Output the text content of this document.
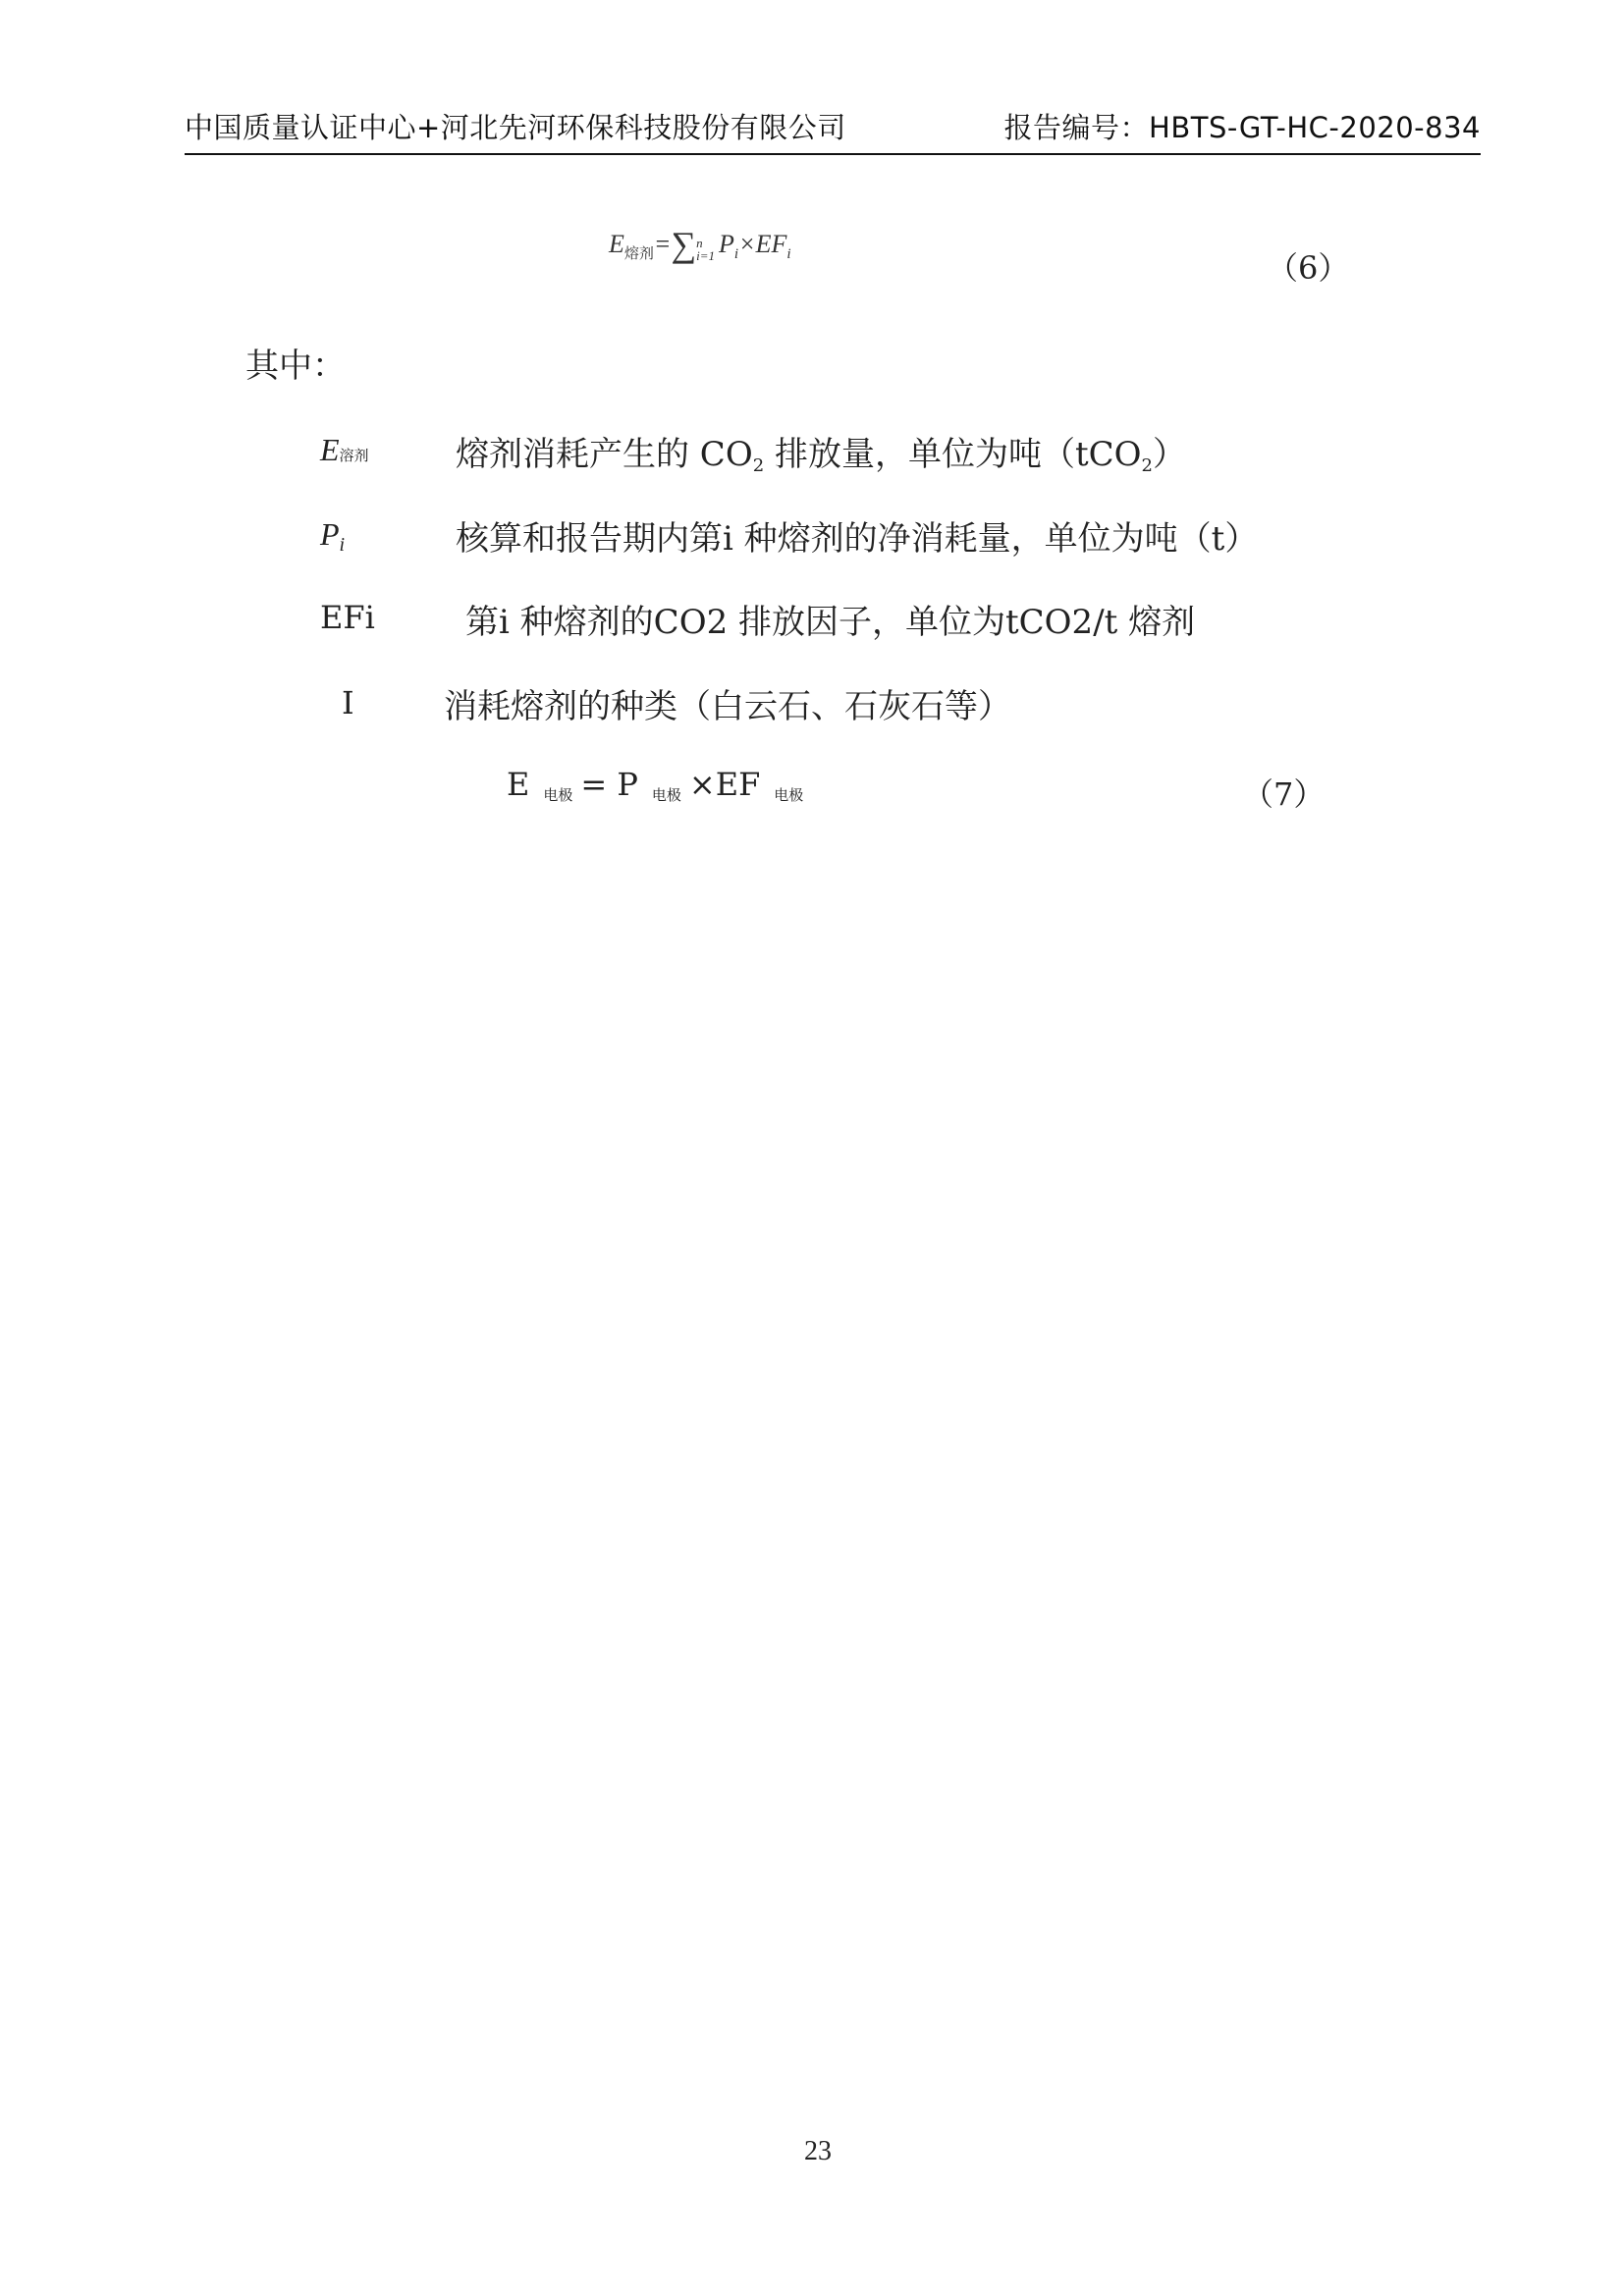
中国质量认证中心+河北先河环保科技股份有限公司	报告编号：HBTS-GT-HC-2020-834
$E_{熔剂}=\sum$ n
i=1 $P_i\times EF_i$	（6）
其中：
E溶剂	熔剂消耗产生的 CO2 排放量，单位为吨（tCO2）
$P_i$	核算和报告期内第i 种熔剂的净消耗量，单位为吨（t）
EFi	第i 种熔剂的CO2 排放因子，单位为tCO2/t 熔剂
I	消耗熔剂的种类（白云石、石灰石等）
E电极 = P 电极 ×EF 电极	（7）
23
